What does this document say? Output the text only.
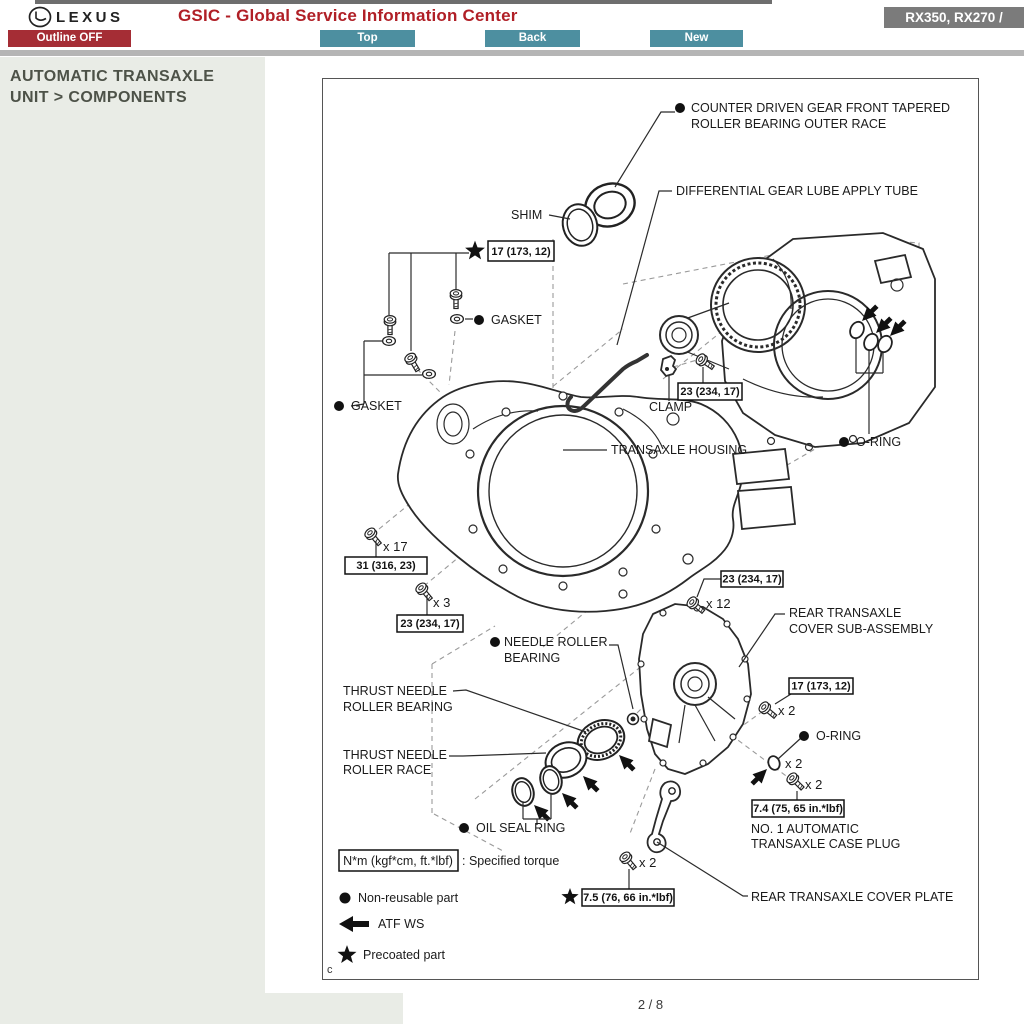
LEXUS	GSIC - Global Service Information Center	RX350, RX270 /
Outline OFF	Top	Back	New
AUTOMATIC TRANSAXLE
UNIT > COMPONENTS
17 (173, 12)
23 (234, 17)
31 (316, 23)
23 (234, 17)
23 (234, 17)
17 (173, 12)
7.4 (75, 65 in.*lbf)
7.5 (76, 66 in.*lbf)
x 17
x 3	x 12
x 2
x 2
x 2
x 2
COUNTER DRIVEN GEAR FRONT TAPERED
ROLLER BEARING OUTER RACE
DIFFERENTIAL GEAR LUBE APPLY TUBE
SHIM
GASKET
GASKET	CLAMP
TRANSAXLE HOUSING
O-RING
REAR TRANSAXLE
COVER SUB-ASSEMBLY
NEEDLE ROLLER
BEARING
THRUST NEEDLE
ROLLER BEARING
THRUST NEEDLE
ROLLER RACE
OIL SEAL RING
O-RING
NO. 1 AUTOMATIC
TRANSAXLE CASE PLUG
REAR TRANSAXLE COVER PLATE
N*m (kgf*cm, ft.*lbf) : Specified torque
Non-reusable part
ATF WS
Precoated part
c
2 / 8
